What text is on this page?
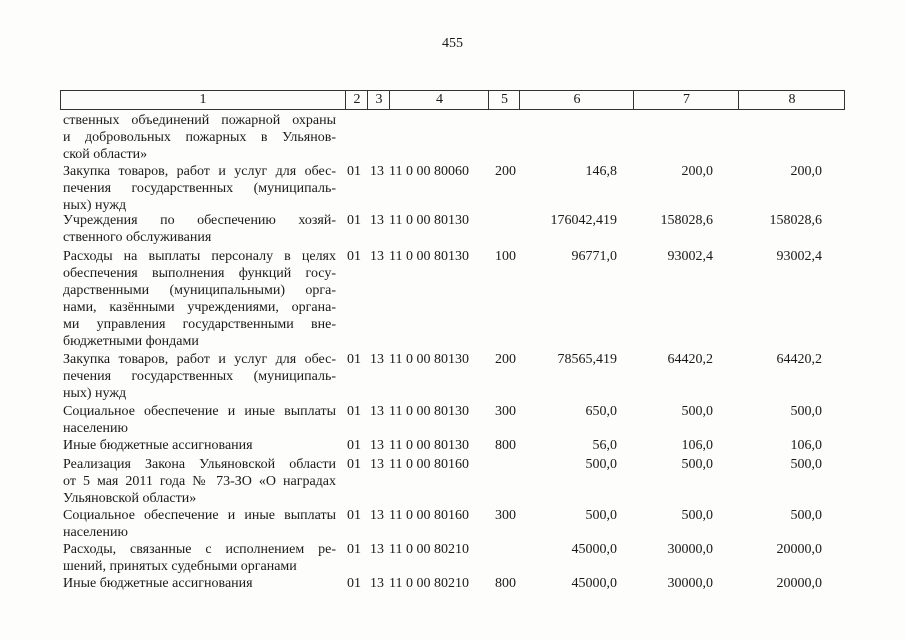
455
1	2	3	4	5	6	7	8
ственных объединений пожарной охраны
и добровольных пожарных в Ульянов-
ской области»
Закупка товаров, работ и услуг для обес-
печения государственных (муниципаль-
ных) нужд
01 13 11 0 00 80060 200	146,8	200,0	200,0
Учреждения по обеспечению хозяй-
ственного обслуживания
01 13 11 0 00 80130	176042,419	158028,6	158028,6
Расходы на выплаты персоналу в целях
обеспечения выполнения функций госу-
дарственными (муниципальными) орга-
нами, казёнными учреждениями, органа-
ми управления государственными вне-
бюджетными фондами
01 13 11 0 00 80130 100	96771,0	93002,4	93002,4
Закупка товаров, работ и услуг для обес-
печения государственных (муниципаль-
ных) нужд
01 13 11 0 00 80130 200	78565,419	64420,2	64420,2
Социальное обеспечение и иные выплаты
населению
01 13 11 0 00 80130 300	650,0	500,0	500,0
Иные бюджетные ассигнования	01 13 11 0 00 80130 800	56,0	106,0	106,0
Реализация Закона Ульяновской области
от 5 мая 2011 года № 73-ЗО «О наградах
Ульяновской области»
01 13 11 0 00 80160	500,0	500,0	500,0
Социальное обеспечение и иные выплаты
населению
01 13 11 0 00 80160 300	500,0	500,0	500,0
Расходы, связанные с исполнением ре-
шений, принятых судебными органами
01 13 11 0 00 80210	45000,0	30000,0	20000,0
Иные бюджетные ассигнования	01 13 11 0 00 80210 800	45000,0	30000,0	20000,0
